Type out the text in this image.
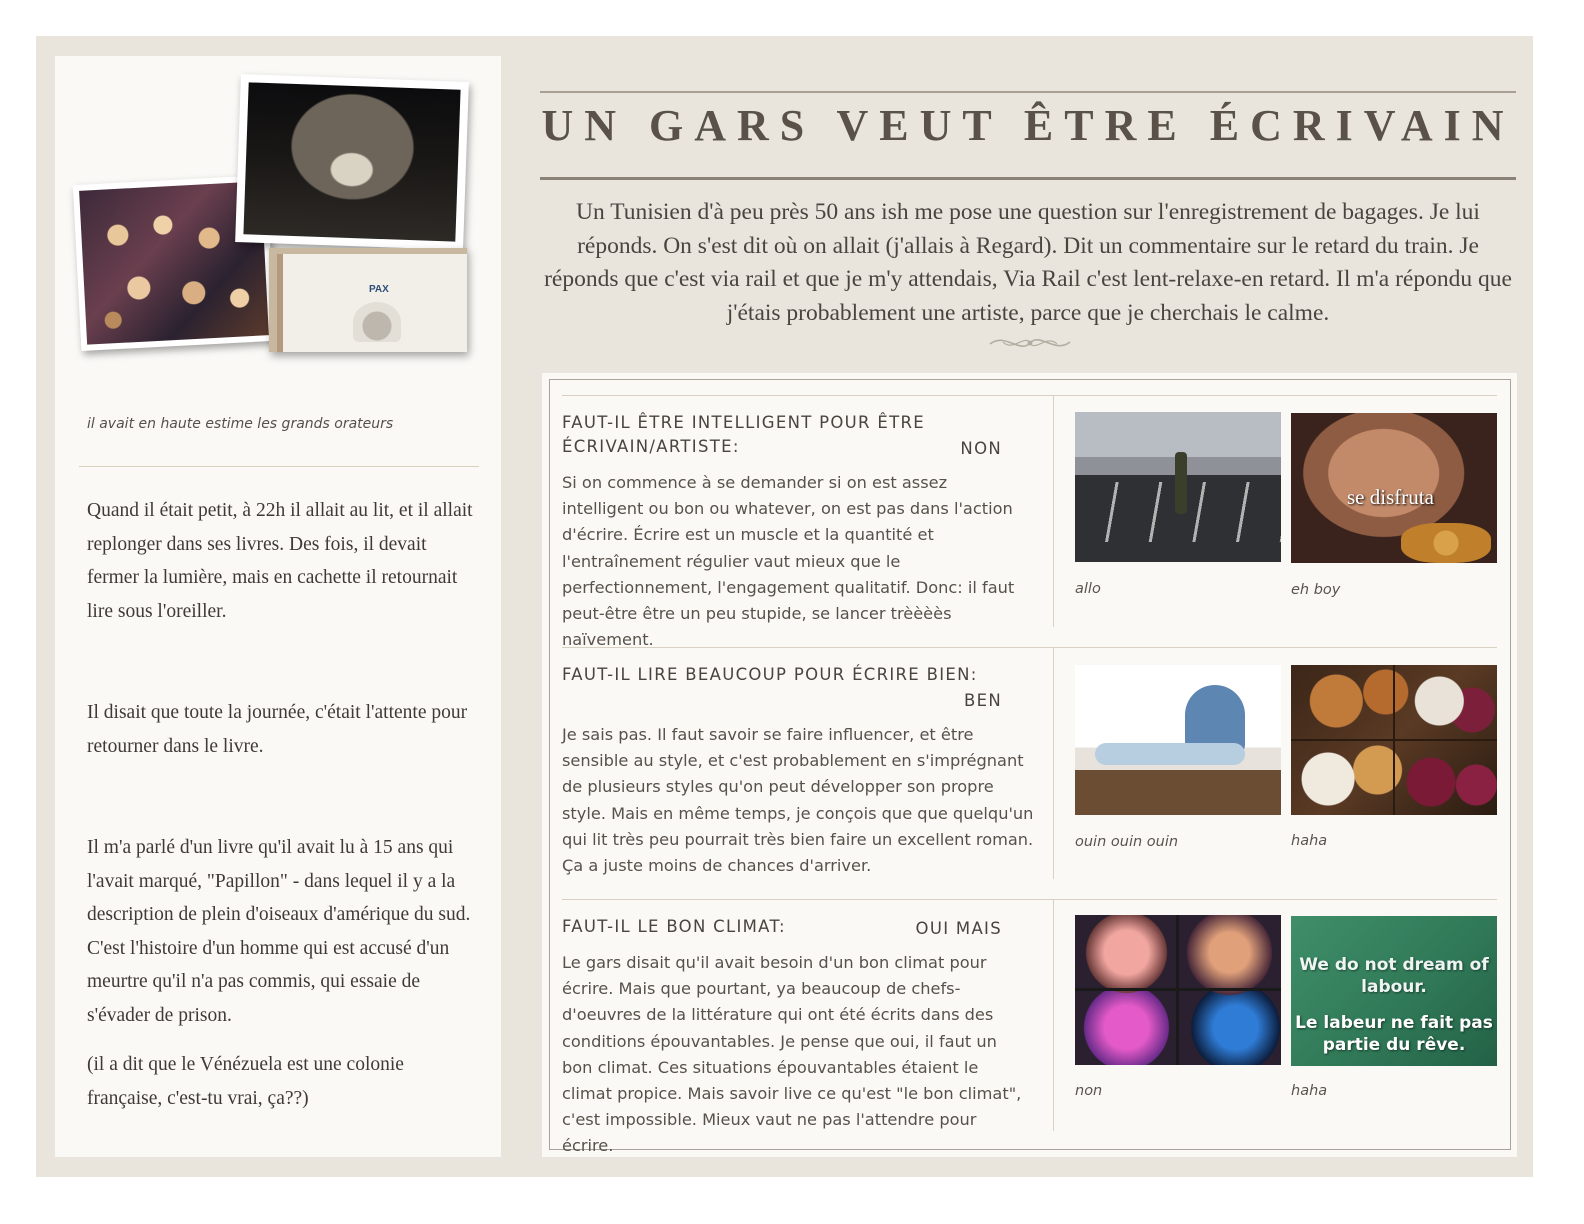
PAX
il avait en haute estime les grands orateurs

Quand il était petit, à 22h il allait au lit, et il allait replonger dans ses livres. Des fois, il devait fermer la lumière, mais en cachette il retournait lire sous l'oreiller.

Il disait que toute la journée, c'était l'attente pour retourner dans le livre.

Il m'a parlé d'un livre qu'il avait lu à 15 ans qui l'avait marqué, "Papillon" - dans lequel il y a la description de plein d'oiseaux d'amérique du sud. C'est l'histoire d'un homme qui est accusé d'un meurtre qu'il n'a pas commis, qui essaie de s'évader de prison.

(il a dit que le Vénézuela est une colonie française, c'est-tu vrai, ça??)

UN GARS VEUT ÊTRE ÉCRIVAIN

Un Tunisien d'à peu près 50 ans ish me pose une question sur l'enregistrement de bagages. Je lui réponds. On s'est dit où on allait (j'allais à Regard). Dit un commentaire sur le retard du train. Je réponds que c'est via rail et que je m'y attendais, Via Rail c'est lent-relaxe-en retard. Il m'a répondu que j'étais probablement une artiste, parce que je cherchais le calme.

FAUT-IL ÊTRE INTELLIGENT POUR ÊTRE ÉCRIVAIN/ARTISTE:	NON

Si on commence à se demander si on est assez intelligent ou bon ou whatever, on est pas dans l'action d'écrire. Écrire est un muscle et la quantité et l'entraînement régulier vaut mieux que le perfectionnement, l'engagement qualitatif. Donc: il faut peut-être être un peu stupide, se lancer trèèèès naïvement.

se disfruta
allo	eh boy
FAUT-IL LIRE BEAUCOUP POUR ÉCRIRE BIEN:
BEN

Je sais pas. Il faut savoir se faire influencer, et être sensible au style, et c'est probablement en s'imprégnant de plusieurs styles qu'on peut développer son propre style. Mais en même temps, je conçois que que quelqu'un qui lit très peu pourrait très bien faire un excellent roman. Ça a juste moins de chances d'arriver.

ouin ouin ouin	haha
FAUT-IL LE BON CLIMAT:	OUI MAIS

Le gars disait qu'il avait besoin d'un bon climat pour écrire. Mais que pourtant, ya beaucoup de chefs-d'oeuvres de la littérature qui ont été écrits dans des conditions épouvantables. Je pense que oui, il faut un bon climat. Ces situations épouvantables étaient le climat propice. Mais savoir live ce qu'est "le bon climat", c'est impossible. Mieux vaut ne pas l'attendre pour écrire.

We do not dream of labour.
Le labeur ne fait pas partie du rêve.
non	haha
